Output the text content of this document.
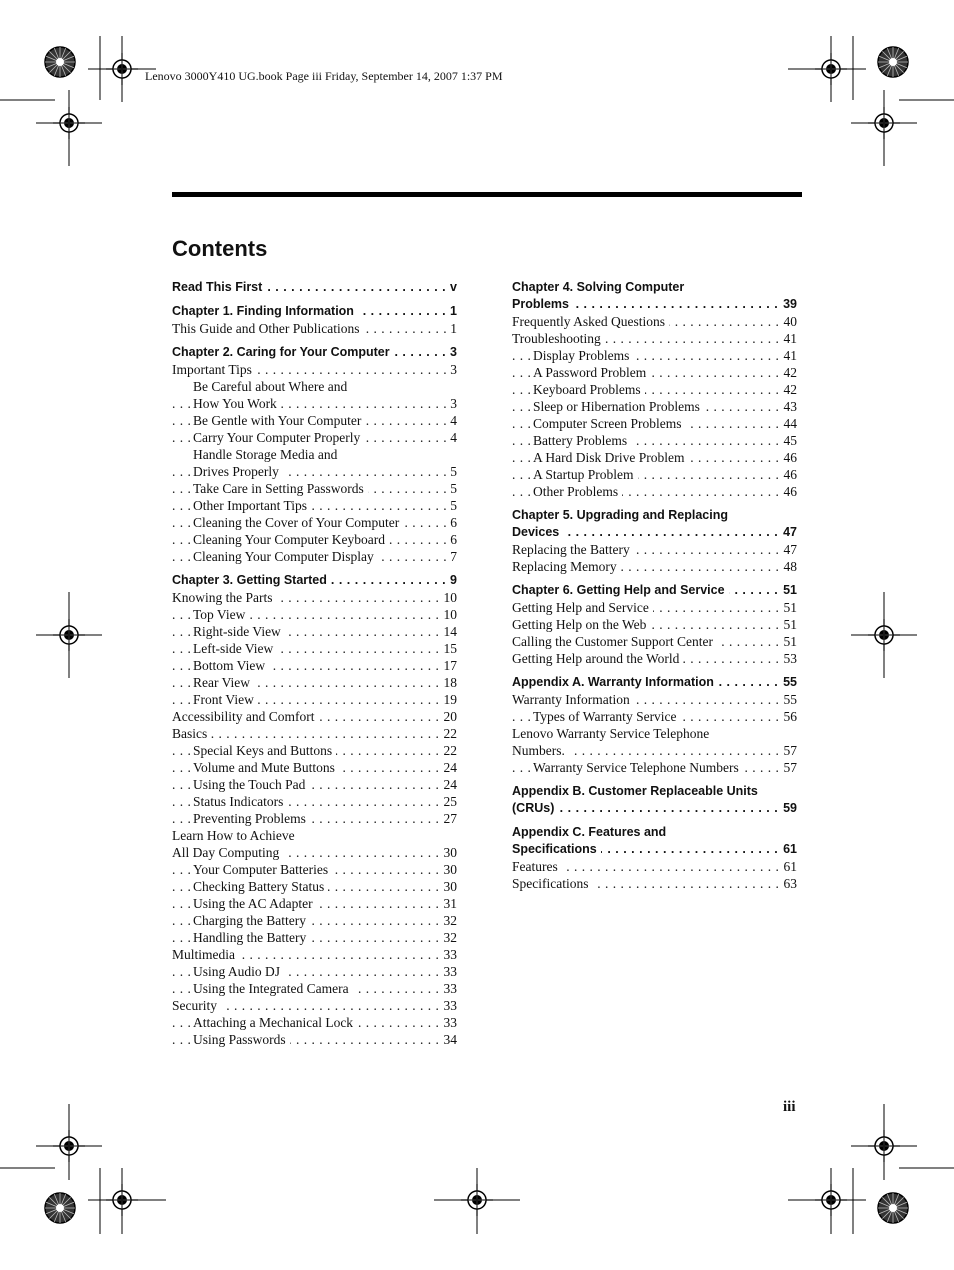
Lenovo 3000Y410 UG.book Page iii Friday, September 14, 2007 1:37 PM
Contents
. . . Read This First	v
. . . Chapter 1. Finding Information	1
. . . This Guide and Other Publications	1
. . . Chapter 2. Caring for Your Computer	3
. . . Important Tips	3
Be Careful about Where and
. . . How You Work	3
. . . Be Gentle with Your Computer	4
. . . Carry Your Computer Properly	4
Handle Storage Media and
. . . Drives Properly	5
. . . Take Care in Setting Passwords	5
. . . Other Important Tips	5
. . . Cleaning the Cover of Your Computer	6
. . . Cleaning Your Computer Keyboard	6
. . . Cleaning Your Computer Display	7
. . . Chapter 3. Getting Started	9
. . . Knowing the Parts	10
. . . Top View	10
. . . Right-side View	14
. . . Left-side View	15
. . . Bottom View	17
. . . Rear View	18
. . . Front View	19
. . . Accessibility and Comfort	20
. . . Basics	22
. . . Special Keys and Buttons	22
. . . Volume and Mute Buttons	24
. . . Using the Touch Pad	24
. . . Status Indicators	25
. . . Preventing Problems	27
Learn How to Achieve
. . . All Day Computing	30
. . . Your Computer Batteries	30
. . . Checking Battery Status	30
. . . Using the AC Adapter	31
. . . Charging the Battery	32
. . . Handling the Battery	32
. . . Multimedia	33
. . . Using Audio DJ	33
. . . Using the Integrated Camera	33
. . . Security	33
. . . Attaching a Mechanical Lock	33
. . . Using Passwords	34
Chapter 4. Solving Computer
. . . Problems	39
. . . Frequently Asked Questions	40
. . . Troubleshooting	41
. . . Display Problems	41
. . . A Password Problem	42
. . . Keyboard Problems	42
. . . Sleep or Hibernation Problems	43
. . . Computer Screen Problems	44
. . . Battery Problems	45
. . . A Hard Disk Drive Problem	46
. . . A Startup Problem	46
. . . Other Problems	46
Chapter 5. Upgrading and Replacing
. . . Devices	47
. . . Replacing the Battery	47
. . . Replacing Memory	48
. . . Chapter 6. Getting Help and Service	51
. . . Getting Help and Service	51
. . . Getting Help on the Web	51
. . . Calling the Customer Support Center	51
. . . Getting Help around the World	53
. . . Appendix A. Warranty Information	55
. . . Warranty Information	55
. . . Types of Warranty Service	56
Lenovo Warranty Service Telephone
. . . Numbers.	57
. . . Warranty Service Telephone Numbers	57
Appendix B. Customer Replaceable Units
. . . (CRUs)	59
Appendix C. Features and
. . . Specifications	61
. . . Features	61
. . . Specifications	63
iii
